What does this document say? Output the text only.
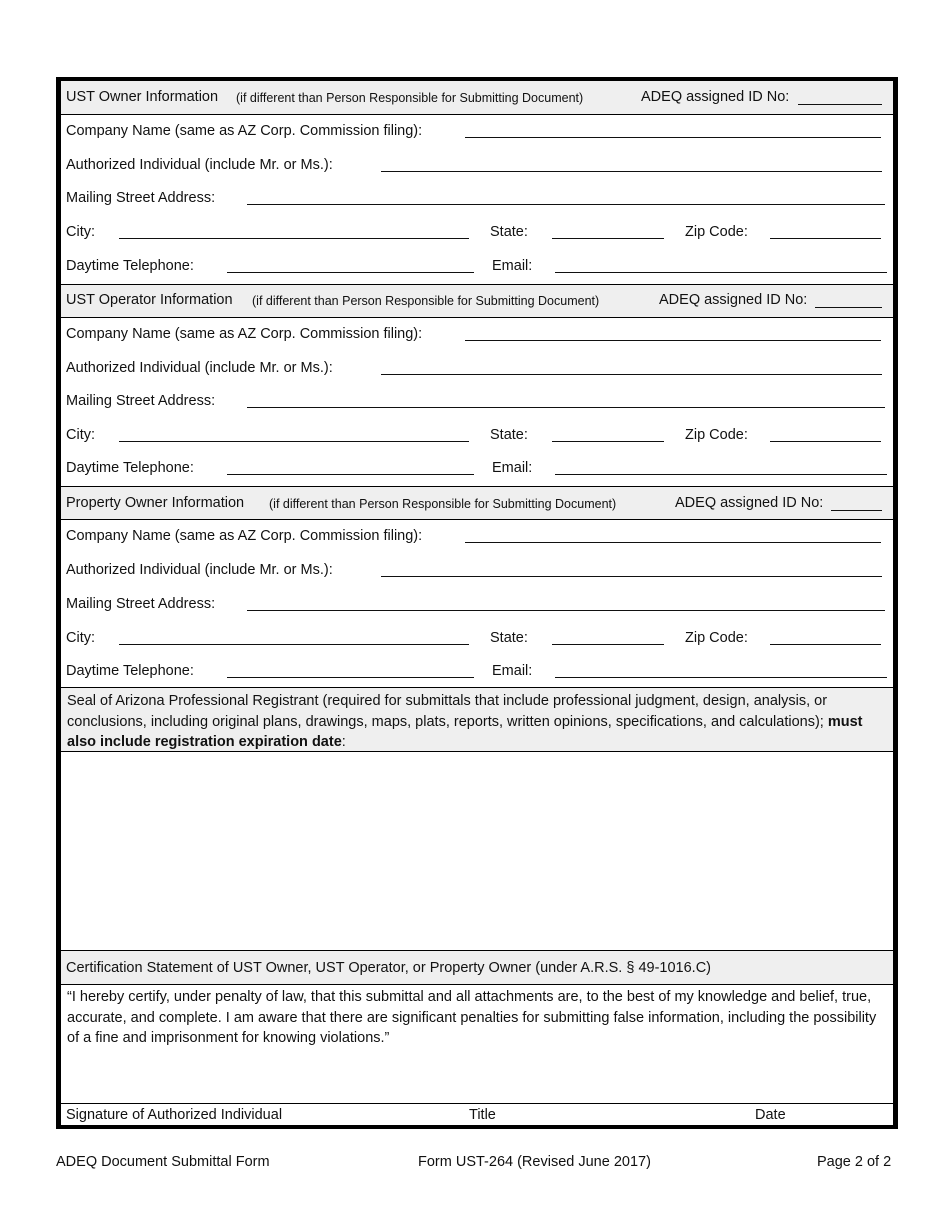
UST Owner Information (if different than Person Responsible for Submitting Document)	ADEQ assigned ID No:
Company Name (same as AZ Corp. Commission filing):
Authorized Individual (include Mr. or Ms.):
Mailing Street Address:
City:	State:	Zip Code:
Daytime Telephone:	Email:
UST Operator Information (if different than Person Responsible for Submitting Document)	ADEQ assigned ID No:
Company Name (same as AZ Corp. Commission filing):
Authorized Individual (include Mr. or Ms.):
Mailing Street Address:
City:	State:	Zip Code:
Daytime Telephone:	Email:
Property Owner Information (if different than Person Responsible for Submitting Document)	ADEQ assigned ID No:
Company Name (same as AZ Corp. Commission filing):
Authorized Individual (include Mr. or Ms.):
Mailing Street Address:
City:	State:	Zip Code:
Daytime Telephone:	Email:
Seal of Arizona Professional Registrant (required for submittals that include professional judgment, design, analysis, or conclusions, including original plans, drawings, maps, plats, reports, written opinions, specifications, and calculations); must also include registration expiration date:
Certification Statement of UST Owner, UST Operator, or Property Owner (under A.R.S. § 49-1016.C)
“I hereby certify, under penalty of law, that this submittal and all attachments are, to the best of my knowledge and belief, true, accurate, and complete. I am aware that there are significant penalties for submitting false information, including the possibility of a fine and imprisonment for knowing violations.”
Signature of Authorized Individual	Title	Date
ADEQ Document Submittal Form	Form UST-264 (Revised June 2017)	Page 2 of 2
